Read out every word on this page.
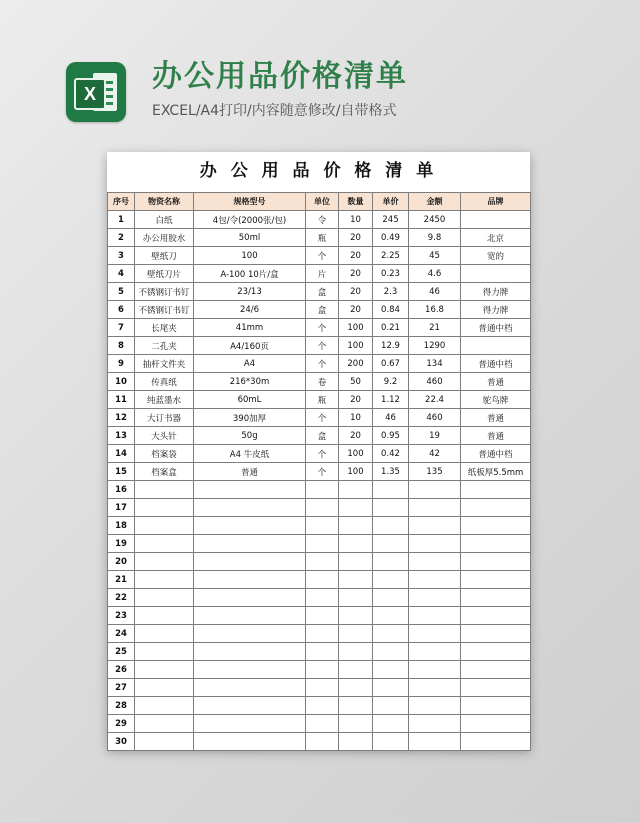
X	办公用品价格清单
EXCEL/A4打印/内容随意修改/自带格式
办 公 用 品 价 格 清 单
序号	物资名称	规格型号	单位	数量	单价	金额	品牌
1	白纸	4包/令(2000张/包)	令	10	245	2450	
2	办公用胶水	50ml	瓶	20	0.49	9.8	北京
3	壁纸刀	100	个	20	2.25	45	宽的
4	壁纸刀片	A-100 10片/盒	片	20	0.23	4.6	
5	不锈钢订书钉	23/13	盒	20	2.3	46	得力牌
6	不锈钢订书钉	24/6	盒	20	0.84	16.8	得力牌
7	长尾夹	41mm	个	100	0.21	21	普通中档
8	二孔夹	A4/160页	个	100	12.9	1290	
9	抽杆文件夹	A4	个	200	0.67	134	普通中档
10	传真纸	216*30m	卷	50	9.2	460	普通
11	纯蓝墨水	60mL	瓶	20	1.12	22.4	鸵鸟牌
12	大订书器	390加厚	个	10	46	460	普通
13	大头针	50g	盒	20	0.95	19	普通
14	档案袋	A4 牛皮纸	个	100	0.42	42	普通中档
15	档案盒	普通	个	100	1.35	135	纸板厚5.5mm
16							
17							
18							
19							
20							
21							
22							
23							
24							
25							
26							
27							
28							
29							
30							
